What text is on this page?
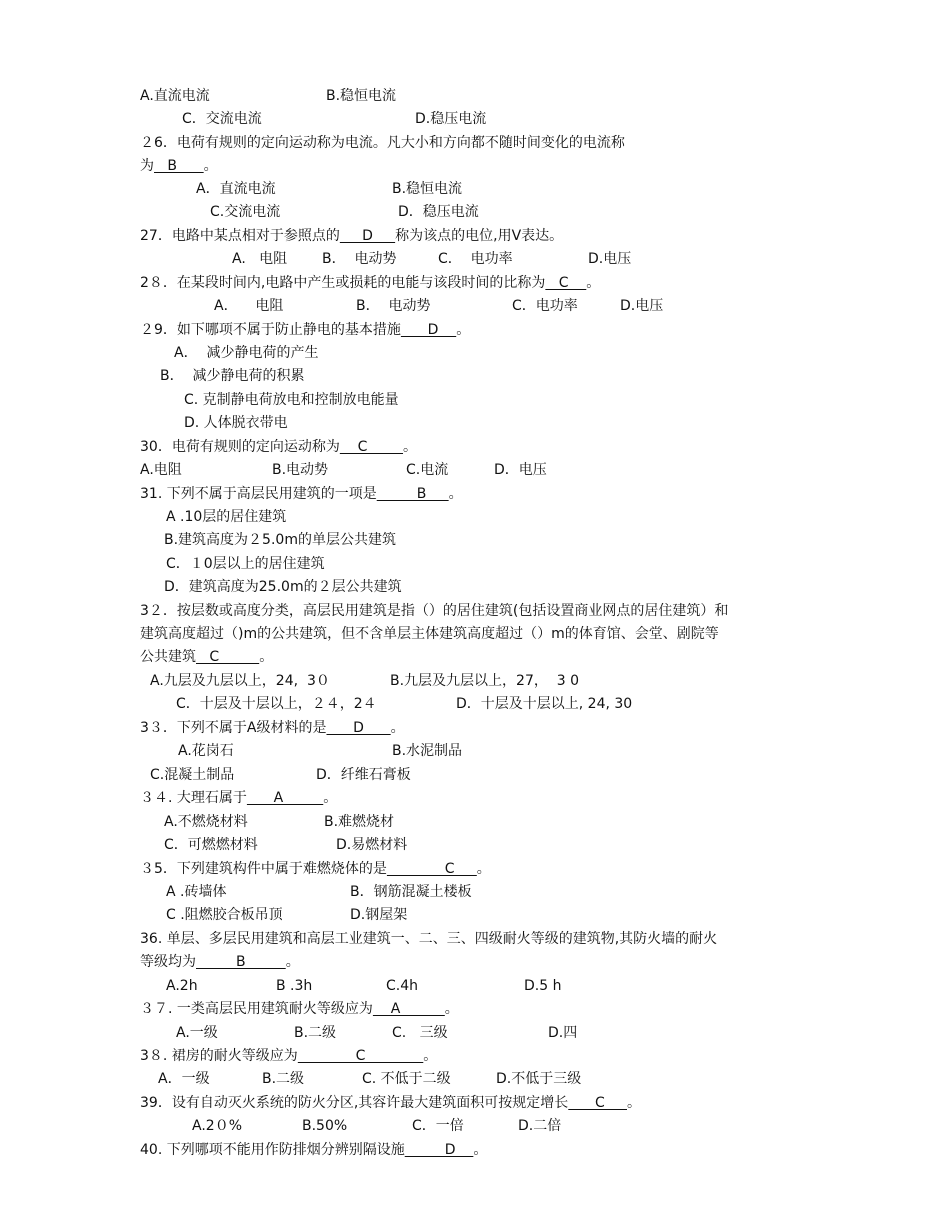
A.直流电流	B.稳恒电流
C．交流电流	D.稳压电流
２6．电荷有规则的定向运动称为电流。凡大小和方向都不随时间变化的电流称
为   B      。
A．直流电流	B.稳恒电流
C.交流电流	D．稳压电流
27．电路中某点相对于参照点的     D     称为该点的电位,用V表达。
A.   电阻 B．  电动势	C．  电功率	D.电压
2８．在某段时间内,电路中产生或损耗的电能与该段时间的比称为   C    。
A．    电阻	B．  电动势	C．电功率	D.电压
２9．如下哪项不属于防止静电的基本措施      D    。
A．  减少静电荷的产生
B．  减少静电荷的积累
C. 克制静电荷放电和控制放电能量
D. 人体脱衣带电
30．电荷有规则的定向运动称为    C        。
A.电阻	B.电动势	C.电流	D．电压
31. 下列不属于高层民用建筑的一项是         B     。
A .10层的居住建筑
B.建筑高度为２5.0m的单层公共建筑
C．１0层以上的居住建筑
D．建筑高度为25.0m的２层公共建筑
3２．按层数或高度分类，高层民用建筑是指（）的居住建筑(包括设置商业网点的居住建筑）和
建筑高度超过（)m的公共建筑，但不含单层主体建筑高度超过（）m的体育馆、会堂、剧院等
公共建筑   C         。
A.九层及九层以上，24,  3０	B.九层及九层以上，27，  3 0
C．十层及十层以上，２４，2４	D．十层及十层以上, 24, 30
3３．下列不属于A级材料的是      D      。
A.花岗石	B.水泥制品
C.混凝土制品	D．纤维石膏板
３４. 大理石属于      A         。
A.不燃烧材料	B.难燃烧材
C．可燃燃材料	D.易燃材料
３5．下列建筑构件中属于难燃烧体的是             C     。
A .砖墙体	B．钢筋混凝土楼板
C .阻燃胶合板吊顶	D.钢屋架
36. 单层、多层民用建筑和高层工业建筑一、二、三、四级耐火等级的建筑物,其防火墙的耐火
等级均为         B         。
A.2h	B .3h	C.4h	D.5 h
３７. 一类高层民用建筑耐火等级应为    A          。
A.一级	B.二级	C.   三级	D.四
3８. 裙房的耐火等级应为             C             。
A．一级	B.二级	C. 不低于二级	D.不低于三级
39．设有自动灭火系统的防火分区,其容许最大建筑面积可按规定增长      C     。
A.2０%	B.50%	C．一倍	D.二倍
40. 下列哪项不能用作防排烟分辨别隔设施         D    。
